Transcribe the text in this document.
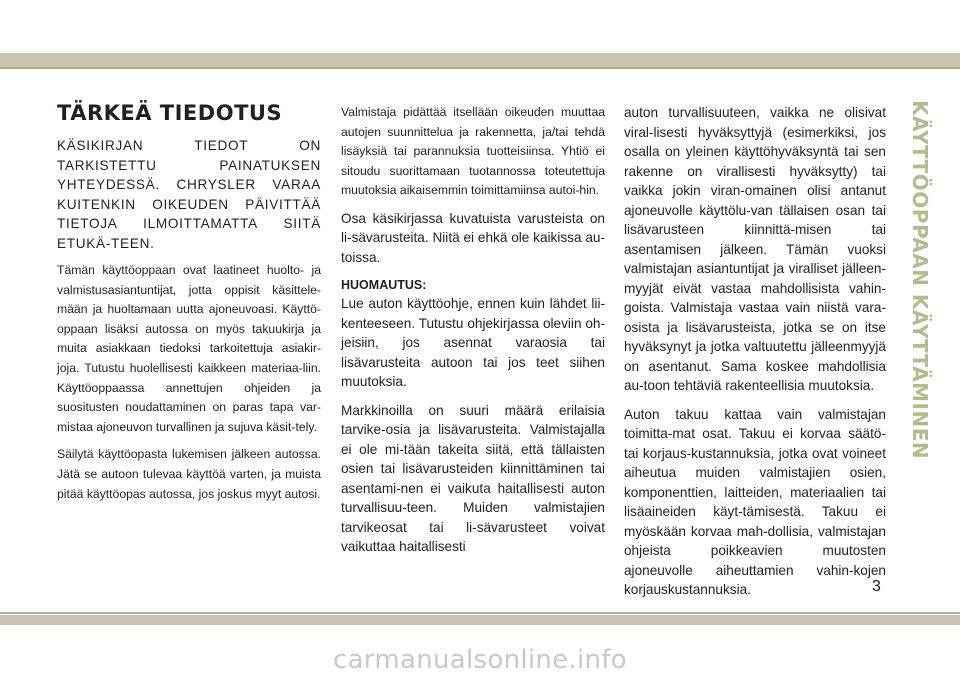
TÄRKEÄ TIEDOTUS

KÄSIKIRJAN TIEDOT ON TARKISTETTU PAINATUKSEN YHTEYDESSÄ. CHRYSLER VARAA KUITENKIN OIKEUDEN PÄIVITTÄÄ TIETOJA ILMOITTAMATTA SIITÄ ETUKÄ-TEEN.

Tämän käyttöoppaan ovat laatineet huolto- ja valmistusasiantuntijat, jotta oppisit käsittele-mään ja huoltamaan uutta ajoneuvoasi. Käyttö-oppaan lisäksi autossa on myös takuukirja ja muita asiakkaan tiedoksi tarkoitettuja asiakir-joja. Tutustu huolellisesti kaikkeen materiaa-liin. Käyttöoppaassa annettujen ohjeiden ja suositusten noudattaminen on paras tapa var-mistaa ajoneuvon turvallinen ja sujuva käsit-tely.

Säilytä käyttöopasta lukemisen jälkeen autossa. Jätä se autoon tulevaa käyttöä varten, ja muista pitää käyttöopas autossa, jos joskus myyt autosi.

Valmistaja pidättää itsellään oikeuden muuttaa autojen suunnittelua ja rakennetta, ja/tai tehdä lisäyksiä tai parannuksia tuotteisiinsa. Yhtiö ei sitoudu suorittamaan tuotannossa toteutettuja muutoksia aikaisemmin toimittamiinsa autoi-hin.

Osa käsikirjassa kuvatuista varusteista on li-sävarusteita. Niitä ei ehkä ole kaikissa au-toissa.

HUOMAUTUS:

Lue auton käyttöohje, ennen kuin lähdet lii-kenteeseen. Tutustu ohjekirjassa oleviin oh-jeisiin, jos asennat varaosia tai lisävarusteita autoon tai jos teet siihen muutoksia.

Markkinoilla on suuri määrä erilaisia tarvike-osia ja lisävarusteita. Valmistajalla ei ole mi-tään takeita siitä, että tällaisten osien tai lisävarusteiden kiinnittäminen tai asentami-nen ei vaikuta haitallisesti auton turvallisuu-teen. Muiden valmistajien tarvikeosat tai li-sävarusteet voivat vaikuttaa haitallisesti

auton turvallisuuteen, vaikka ne olisivat viral-lisesti hyväksyttyjä (esimerkiksi, jos osalla on yleinen käyttöhyväksyntä tai sen rakenne on virallisesti hyväksytty) tai vaikka jokin viran-omainen olisi antanut ajoneuvolle käyttölu-van tällaisen osan tai lisävarusteen kiinnittä-misen tai asentamisen jälkeen. Tämän vuoksi valmistajan asiantuntijat ja viralliset jälleen-myyjät eivät vastaa mahdollisista vahin-goista. Valmistaja vastaa vain niistä vara-osista ja lisävarusteista, jotka se on itse hyväksynyt ja jotka valtuutettu jälleenmyyjä on asentanut. Sama koskee mahdollisia au-toon tehtäviä rakenteellisia muutoksia.

Auton takuu kattaa vain valmistajan toimitta-mat osat. Takuu ei korvaa säätö- tai korjaus-kustannuksia, jotka ovat voineet aiheutua muiden valmistajien osien, komponenttien, laitteiden, materiaalien tai lisäaineiden käyt-tämisestä. Takuu ei myöskään korvaa mah-dollisia, valmistajan ohjeista poikkeavien muutosten ajoneuvolle aiheuttamien vahin-kojen korjauskustannuksia.

KÄYTTÖOPPAAN KÄYTTÄMINEN
3
carmanualsonline.info
